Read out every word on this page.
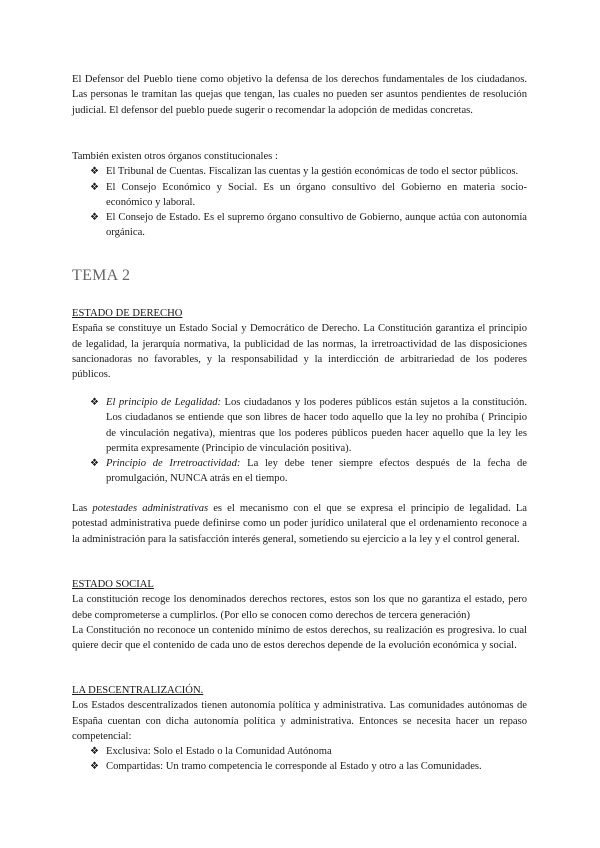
El Defensor del Pueblo tiene como objetivo la defensa de los derechos fundamentales de los ciudadanos. Las personas le tramitan las quejas que tengan, las cuales no pueden ser asuntos pendientes de resolución judicial. El defensor del pueblo puede sugerir o recomendar la adopción de medidas concretas.

También existen otros órganos constitucionales :

❖ El Tribunal de Cuentas. Fiscalizan las cuentas y la gestión económicas de todo el sector públicos.
❖ El Consejo Económico y Social. Es un órgano consultivo del Gobierno en materia socio-económico y laboral.
❖ El Consejo de Estado. Es el supremo órgano consultivo de Gobierno, aunque actúa con autonomía orgánica.
TEMA 2
ESTADO DE DERECHO

España se constituye un Estado Social y Democrático de Derecho. La Constitución garantiza el principio de legalidad, la jerarquía normativa, la publicidad de las normas, la irretroactividad de las disposiciones sancionadoras no favorables, y la responsabilidad y la interdicción de arbitrariedad de los poderes públicos.

❖ El principio de Legalidad: Los ciudadanos y los poderes públicos están sujetos a la constitución. Los ciudadanos se entiende que son libres de hacer todo aquello que la ley no prohíba ( Principio de vinculación negativa), mientras que los poderes públicos pueden hacer aquello que la ley les permita expresamente (Principio de vinculación positiva).
❖ Principio de Irretroactividad: La ley debe tener siempre efectos después de la fecha de promulgación, NUNCA atrás en el tiempo.

Las potestades administrativas es el mecanismo con el que se expresa el principio de legalidad. La potestad administrativa puede definirse como un poder jurídico unilateral que el ordenamiento reconoce a la administración para la satisfacción interés general, sometiendo su ejercicio a la ley y el control general.

ESTADO SOCIAL

La constitución recoge los denominados derechos rectores, estos son los que no garantiza el estado, pero debe comprometerse a cumplirlos. (Por ello se conocen como derechos de tercera generación)

La Constitución no reconoce un contenido mínimo de estos derechos, su realización es progresiva. lo cual quiere decir que el contenido de cada uno de estos derechos depende de la evolución económica y social.

LA DESCENTRALIZACIÓN.

Los Estados descentralizados tienen autonomía política y administrativa. Las comunidades autónomas de España cuentan con dicha autonomía política y administrativa. Entonces se necesita hacer un repaso competencial:

❖ Exclusiva: Solo el Estado o la Comunidad Autónoma
❖ Compartidas: Un tramo competencia le corresponde al Estado y otro a las Comunidades.
